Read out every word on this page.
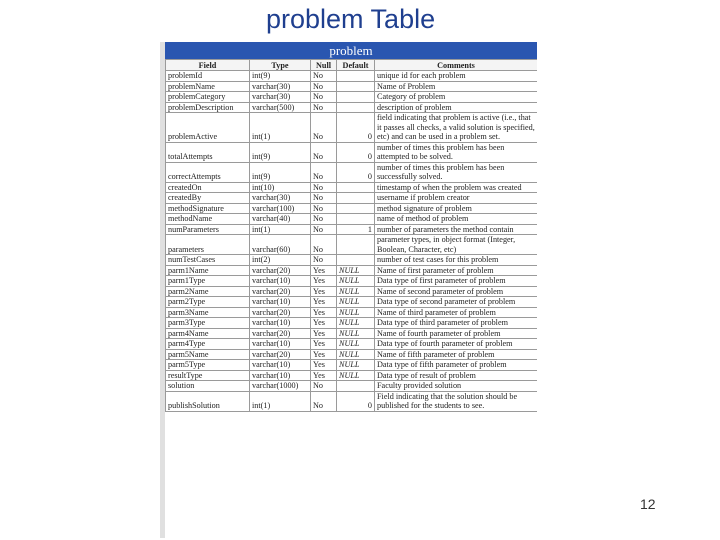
problem Table
problem
Field	Type	Null	Default	Comments
problemId	int(9)	No		unique id for each problem
problemName	varchar(30)	No		Name of Problem
problemCategory	varchar(30)	No		Category of problem
problemDescription	varchar(500)	No		description of problem
problemActive	int(1)	No	0	field indicating that problem is active (i.e., that it passes all checks, a valid solution is specified, etc) and can be used in a problem set.
totalAttempts	int(9)	No	0	number of times this problem has been attempted to be solved.
correctAttempts	int(9)	No	0	number of times this problem has been successfully solved.
createdOn	int(10)	No		timestamp of when the problem was created
createdBy	varchar(30)	No		username if problem creator
methodSignature	varchar(100)	No		method signature of problem
methodName	varchar(40)	No		name of method of problem
numParameters	int(1)	No	1	number of parameters the method contain
parameters	varchar(60)	No		parameter types, in object format (Integer, Boolean, Character, etc)
numTestCases	int(2)	No		number of test cases for this problem
parm1Name	varchar(20)	Yes	NULL	Name of first parameter of problem
parm1Type	varchar(10)	Yes	NULL	Data type of first parameter of problem
parm2Name	varchar(20)	Yes	NULL	Name of second parameter of problem
parm2Type	varchar(10)	Yes	NULL	Data type of second parameter of problem
parm3Name	varchar(20)	Yes	NULL	Name of third parameter of problem
parm3Type	varchar(10)	Yes	NULL	Data type of third parameter of problem
parm4Name	varchar(20)	Yes	NULL	Name of fourth parameter of problem
parm4Type	varchar(10)	Yes	NULL	Data type of fourth parameter of problem
parm5Name	varchar(20)	Yes	NULL	Name of fifth parameter of problem
parm5Type	varchar(10)	Yes	NULL	Data type of fifth parameter of problem
resultType	varchar(10)	Yes	NULL	Data type of result of problem
solution	varchar(1000)	No		Faculty provided solution
publishSolution	int(1)	No	0	Field indicating that the solution should be published for the students to see.
12
